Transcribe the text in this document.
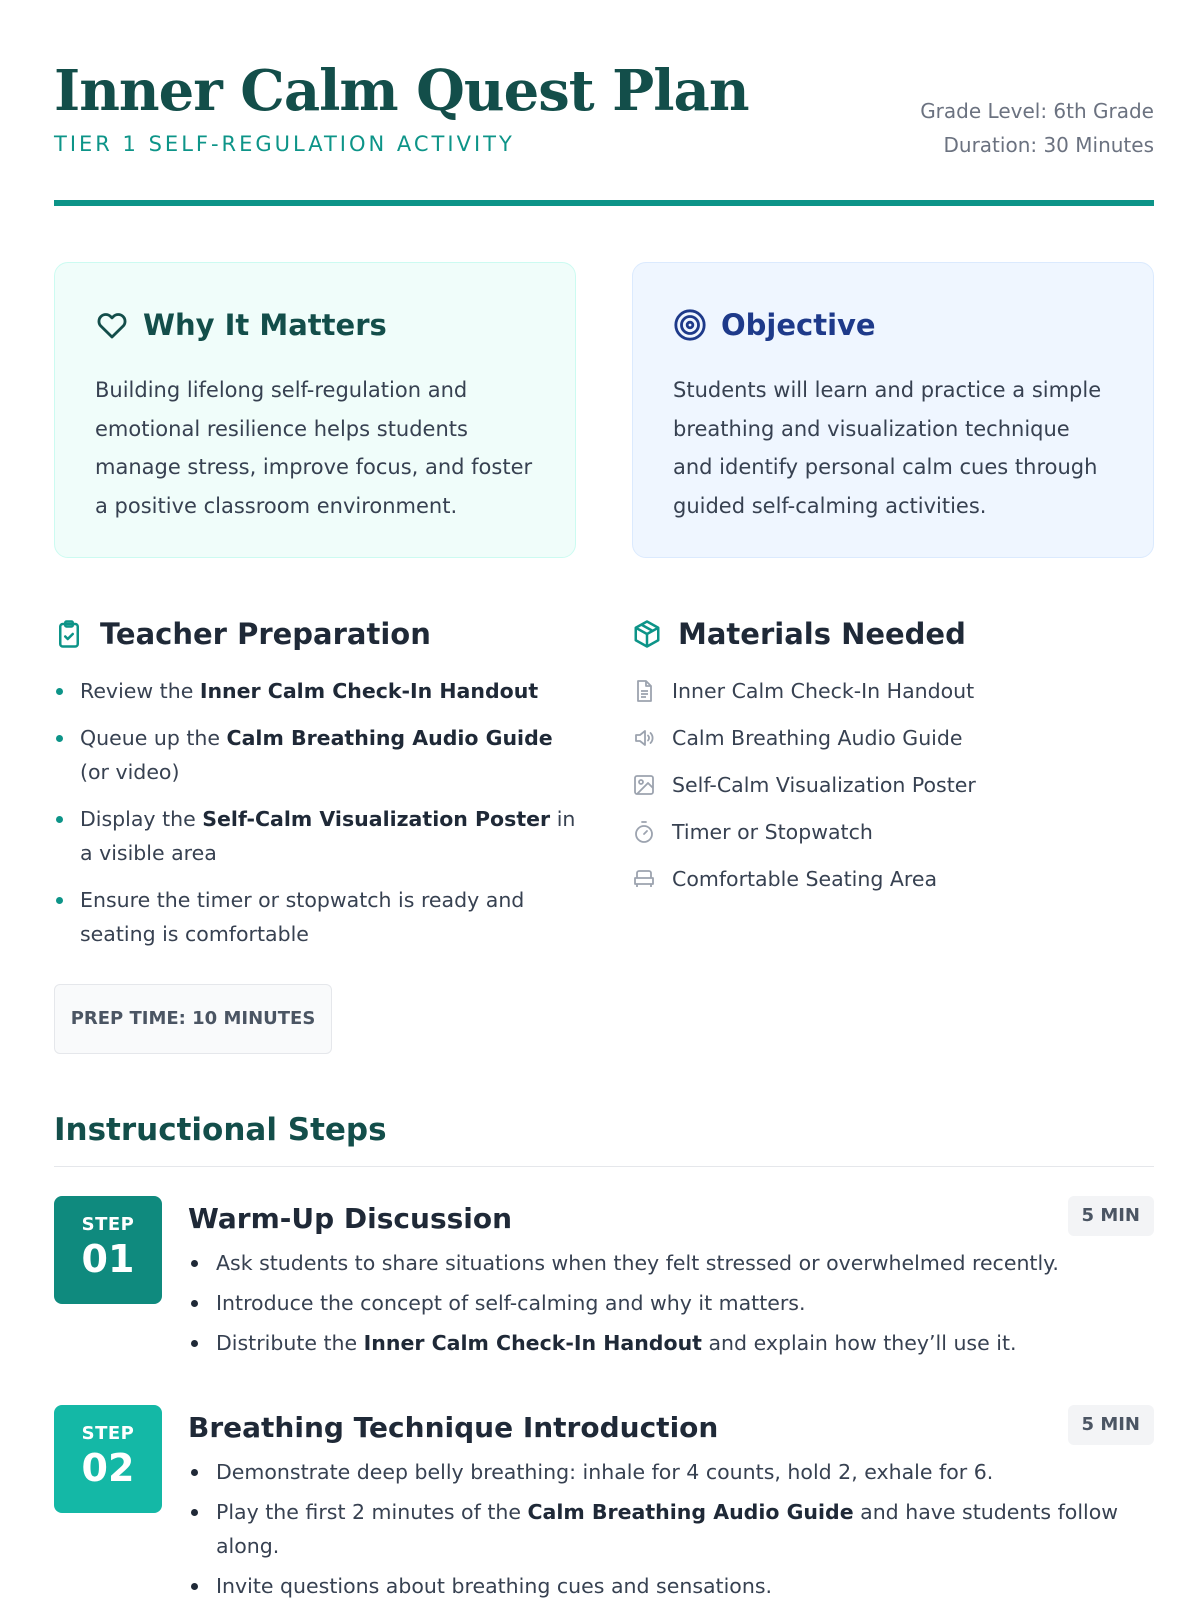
Inner Calm Quest Plan
TIER 1 SELF-REGULATION ACTIVITY
Grade Level: 6th Grade
Duration: 30 Minutes
Why It Matters

Building lifelong self-regulation and emotional resilience helps students manage stress, improve focus, and foster a positive classroom environment.

Objective

Students will learn and practice a simple breathing and visualization technique and identify personal calm cues through guided self-calming activities.

Teacher Preparation
Review the Inner Calm Check-In Handout
Queue up the Calm Breathing Audio Guide (or video)
Display the Self-Calm Visualization Poster in a visible area
Ensure the timer or stopwatch is ready and seating is comfortable
PREP TIME: 10 MINUTES
Materials Needed
Inner Calm Check-In Handout
Calm Breathing Audio Guide
Self-Calm Visualization Poster
Timer or Stopwatch
Comfortable Seating Area
Instructional Steps
STEP
01
Warm-Up Discussion	5 MIN
Ask students to share situations when they felt stressed or overwhelmed recently.
Introduce the concept of self-calming and why it matters.
Distribute the Inner Calm Check-In Handout and explain how they’ll use it.
STEP
02
Breathing Technique Introduction	5 MIN
Demonstrate deep belly breathing: inhale for 4 counts, hold 2, exhale for 6.
Play the first 2 minutes of the Calm Breathing Audio Guide and have students follow along.
Invite questions about breathing cues and sensations.
